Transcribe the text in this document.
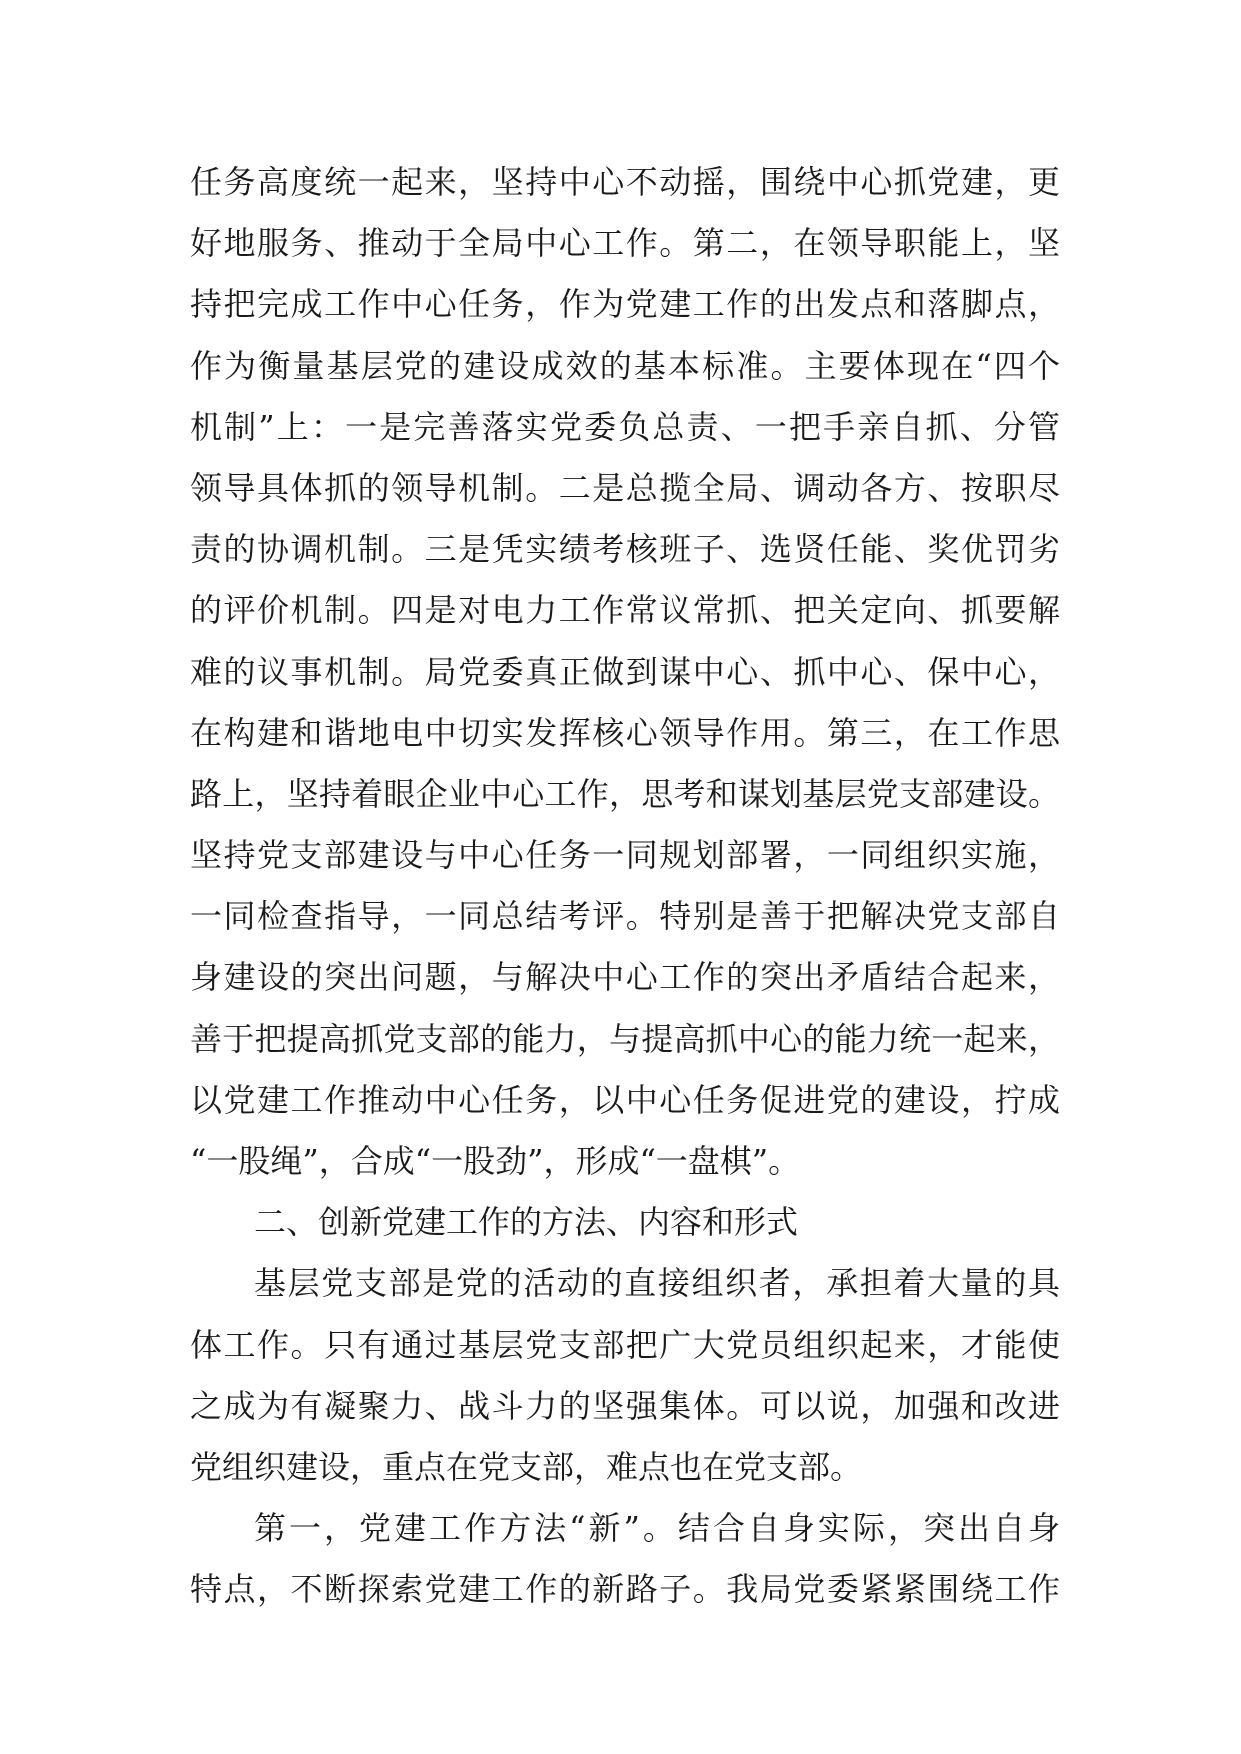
任务高度统一起来，坚持中心不动摇，围绕中心抓党建，更
好地服务、推动于全局中心工作。第二，在领导职能上，坚
持把完成工作中心任务，作为党建工作的出发点和落脚点，
作为衡量基层党的建设成效的基本标准。主要体现在“四个
机制”上：一是完善落实党委负总责、一把手亲自抓、分管
领导具体抓的领导机制。二是总揽全局、调动各方、按职尽
责的协调机制。三是凭实绩考核班子、选贤任能、奖优罚劣
的评价机制。四是对电力工作常议常抓、把关定向、抓要解
难的议事机制。局党委真正做到谋中心、抓中心、保中心，
在构建和谐地电中切实发挥核心领导作用。第三，在工作思
路上，坚持着眼企业中心工作，思考和谋划基层党支部建设。
坚持党支部建设与中心任务一同规划部署，一同组织实施，
一同检查指导，一同总结考评。特别是善于把解决党支部自
身建设的突出问题，与解决中心工作的突出矛盾结合起来，
善于把提高抓党支部的能力，与提高抓中心的能力统一起来，
以党建工作推动中心任务，以中心任务促进党的建设，拧成
“一股绳”，合成“一股劲”，形成“一盘棋”。
二、创新党建工作的方法、内容和形式
基层党支部是党的活动的直接组织者，承担着大量的具
体工作。只有通过基层党支部把广大党员组织起来，才能使
之成为有凝聚力、战斗力的坚强集体。可以说，加强和改进
党组织建设，重点在党支部，难点也在党支部。
第一，党建工作方法“新”。结合自身实际，突出自身
特点，不断探索党建工作的新路子。我局党委紧紧围绕工作
